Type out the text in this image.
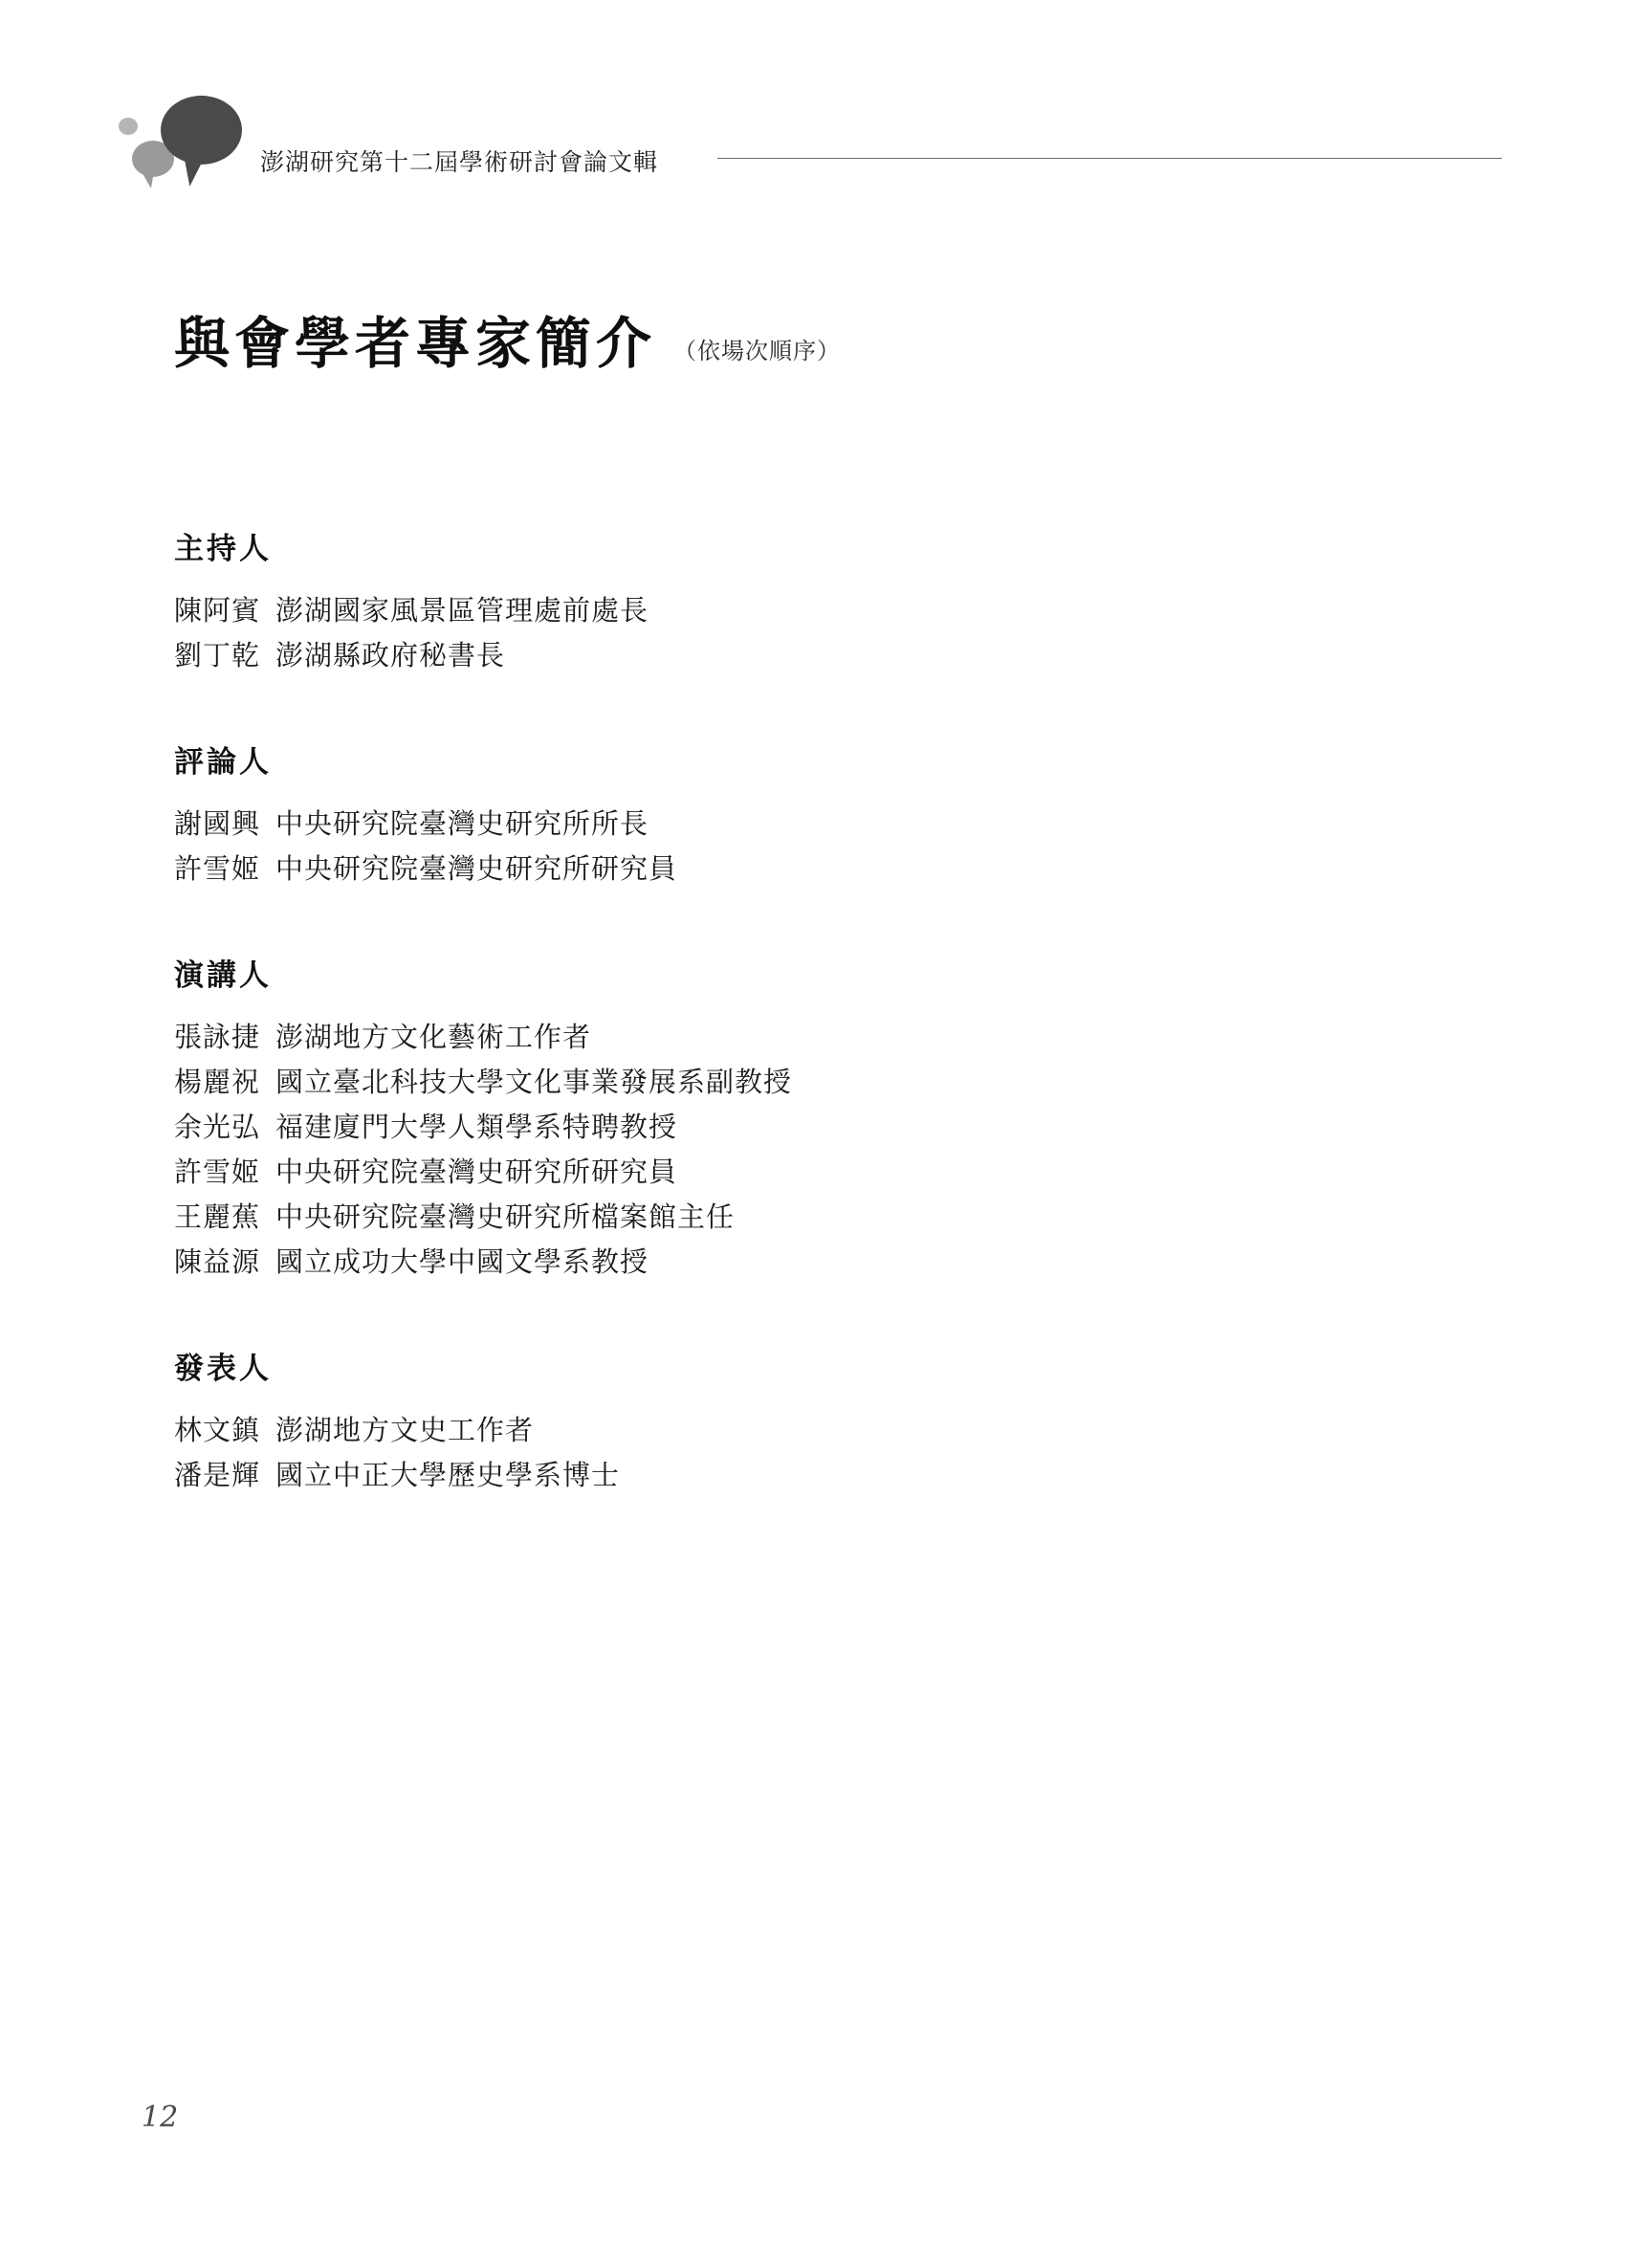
澎湖研究第十二屆學術研討會論文輯
與會學者專家簡介 （依場次順序）
主持人
陳阿賓 澎湖國家風景區管理處前處長
劉丁乾 澎湖縣政府秘書長
評論人
謝國興 中央研究院臺灣史研究所所長
許雪姬 中央研究院臺灣史研究所研究員
演講人
張詠捷 澎湖地方文化藝術工作者
楊麗祝 國立臺北科技大學文化事業發展系副教授
余光弘 福建廈門大學人類學系特聘教授
許雪姬 中央研究院臺灣史研究所研究員
王麗蕉 中央研究院臺灣史研究所檔案館主任
陳益源 國立成功大學中國文學系教授
發表人
林文鎮 澎湖地方文史工作者
潘是輝 國立中正大學歷史學系博士
12
